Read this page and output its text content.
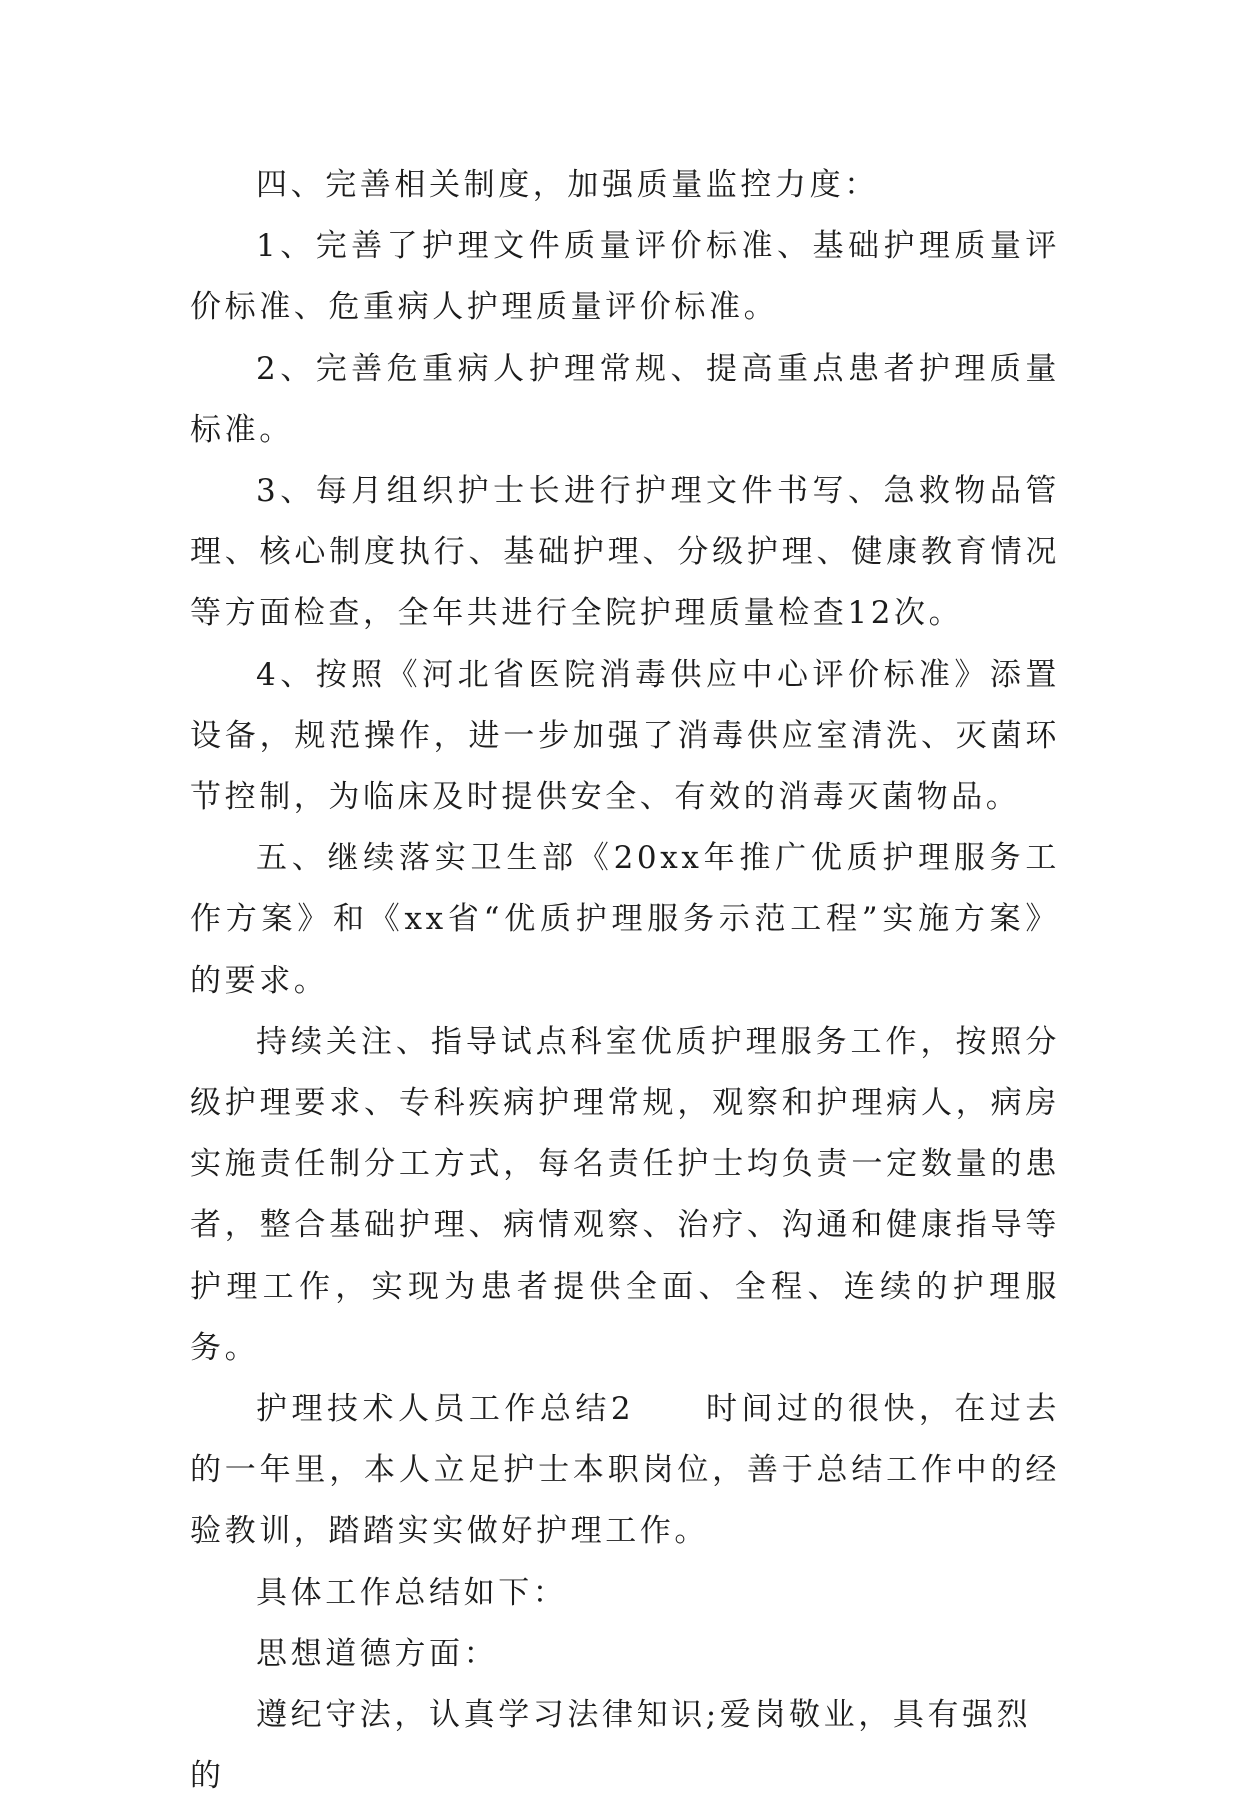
四、完善相关制度，加强质量监控力度：

1、完善了护理文件质量评价标准、基础护理质量评价标准、危重病人护理质量评价标准。

2、完善危重病人护理常规、提高重点患者护理质量标准。

3、每月组织护士长进行护理文件书写、急救物品管理、核心制度执行、基础护理、分级护理、健康教育情况等方面检查，全年共进行全院护理质量检查12次。

4、按照《河北省医院消毒供应中心评价标准》添置设备，规范操作，进一步加强了消毒供应室清洗、灭菌环节控制，为临床及时提供安全、有效的消毒灭菌物品。

五、继续落实卫生部《20xx年推广优质护理服务工作方案》和《xx省“优质护理服务示范工程”实施方案》的要求。

持续关注、指导试点科室优质护理服务工作，按照分级护理要求、专科疾病护理常规，观察和护理病人，病房实施责任制分工方式，每名责任护士均负责一定数量的患者，整合基础护理、病情观察、治疗、沟通和健康指导等护理工作，实现为患者提供全面、全程、连续的护理服务。

护理技术人员工作总结2　　时间过的很快，在过去的一年里，本人立足护士本职岗位，善于总结工作中的经验教训，踏踏实实做好护理工作。

具体工作总结如下：

思想道德方面：

遵纪守法，认真学习法律知识;爱岗敬业，具有强烈的
